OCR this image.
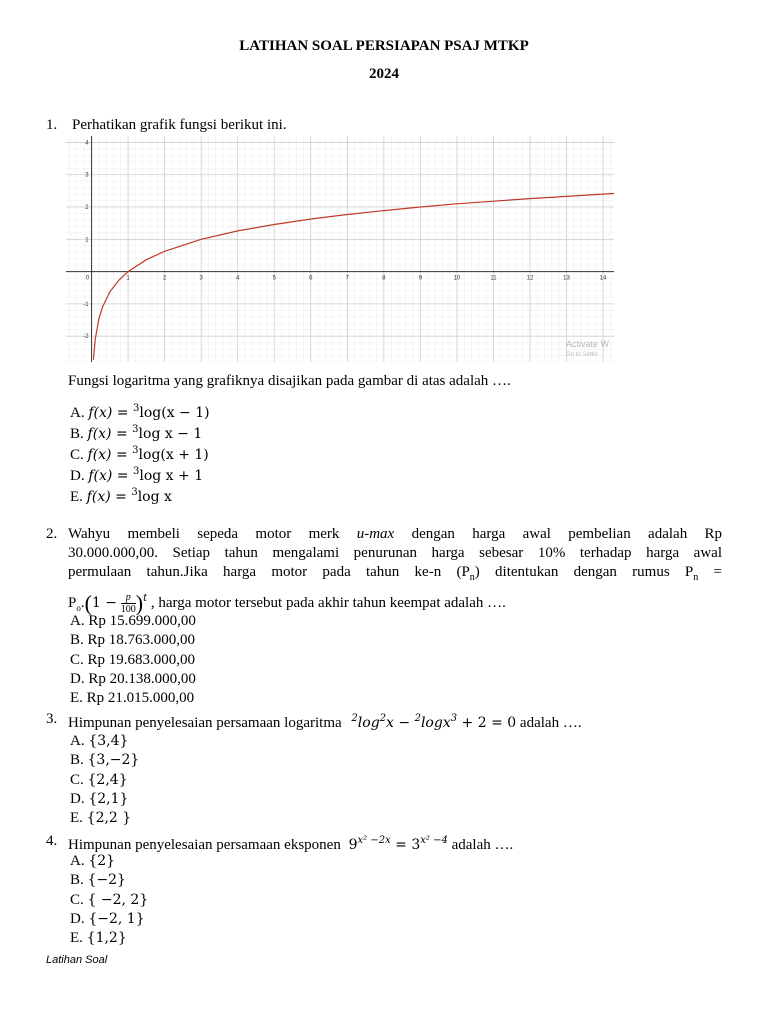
LATIHAN SOAL PERSIAPAN PSAJ MTKP
2024
1. Perhatikan grafik fungsi berikut ini.
0	1	2	3	4	5	6	7	8	9	10	11	12	13	14
-2
-1
1
2
3
4
Activate W
Go to Settin
Fungsi logaritma yang grafiknya disajikan pada gambar di atas adalah ….
A. f(x) = $^3$log(x − 1)
B. f(x) = $^3$log x − 1
C. f(x) = $^3$log(x + 1)
D. f(x) = $^3$log x + 1
E. f(x) = $^3$log x
2. Wahyu membeli sepeda motor merk u-max dengan harga awal pembelian adalah Rp
30.000.000,00. Setiap tahun mengalami penurunan harga sebesar 10% terhadap harga awal
permulaan tahun.Jika harga motor pada tahun ke-n $(P_n)$ ditentukan dengan rumus $P_n$ =
$P_o.(1 - \frac{p}{100} )^t$ , harga motor tersebut pada akhir tahun keempat adalah ….
A. Rp 15.699.000,00
B. Rp 18.763.000,00
C. Rp 19.683.000,00
D. Rp 20.138.000,00
E. Rp 21.015.000,00
3. Himpunan penyelesaian persamaan logaritma $^2\log^2x - ^2\log x^3 + 2 = 0$ adalah ….
A. {3,4}
B. {3,−2}
C. {2,4}
D. {2,1}
E. {2,2 }
4. Himpunan penyelesaian persamaan eksponen $9^{x^2 -2x} = 3^{x^2 -4}$ adalah ….
A. {2}
B. {−2}
C. { −2, 2}
D. {−2, 1}
E. {1,2}
Latihan Soal
